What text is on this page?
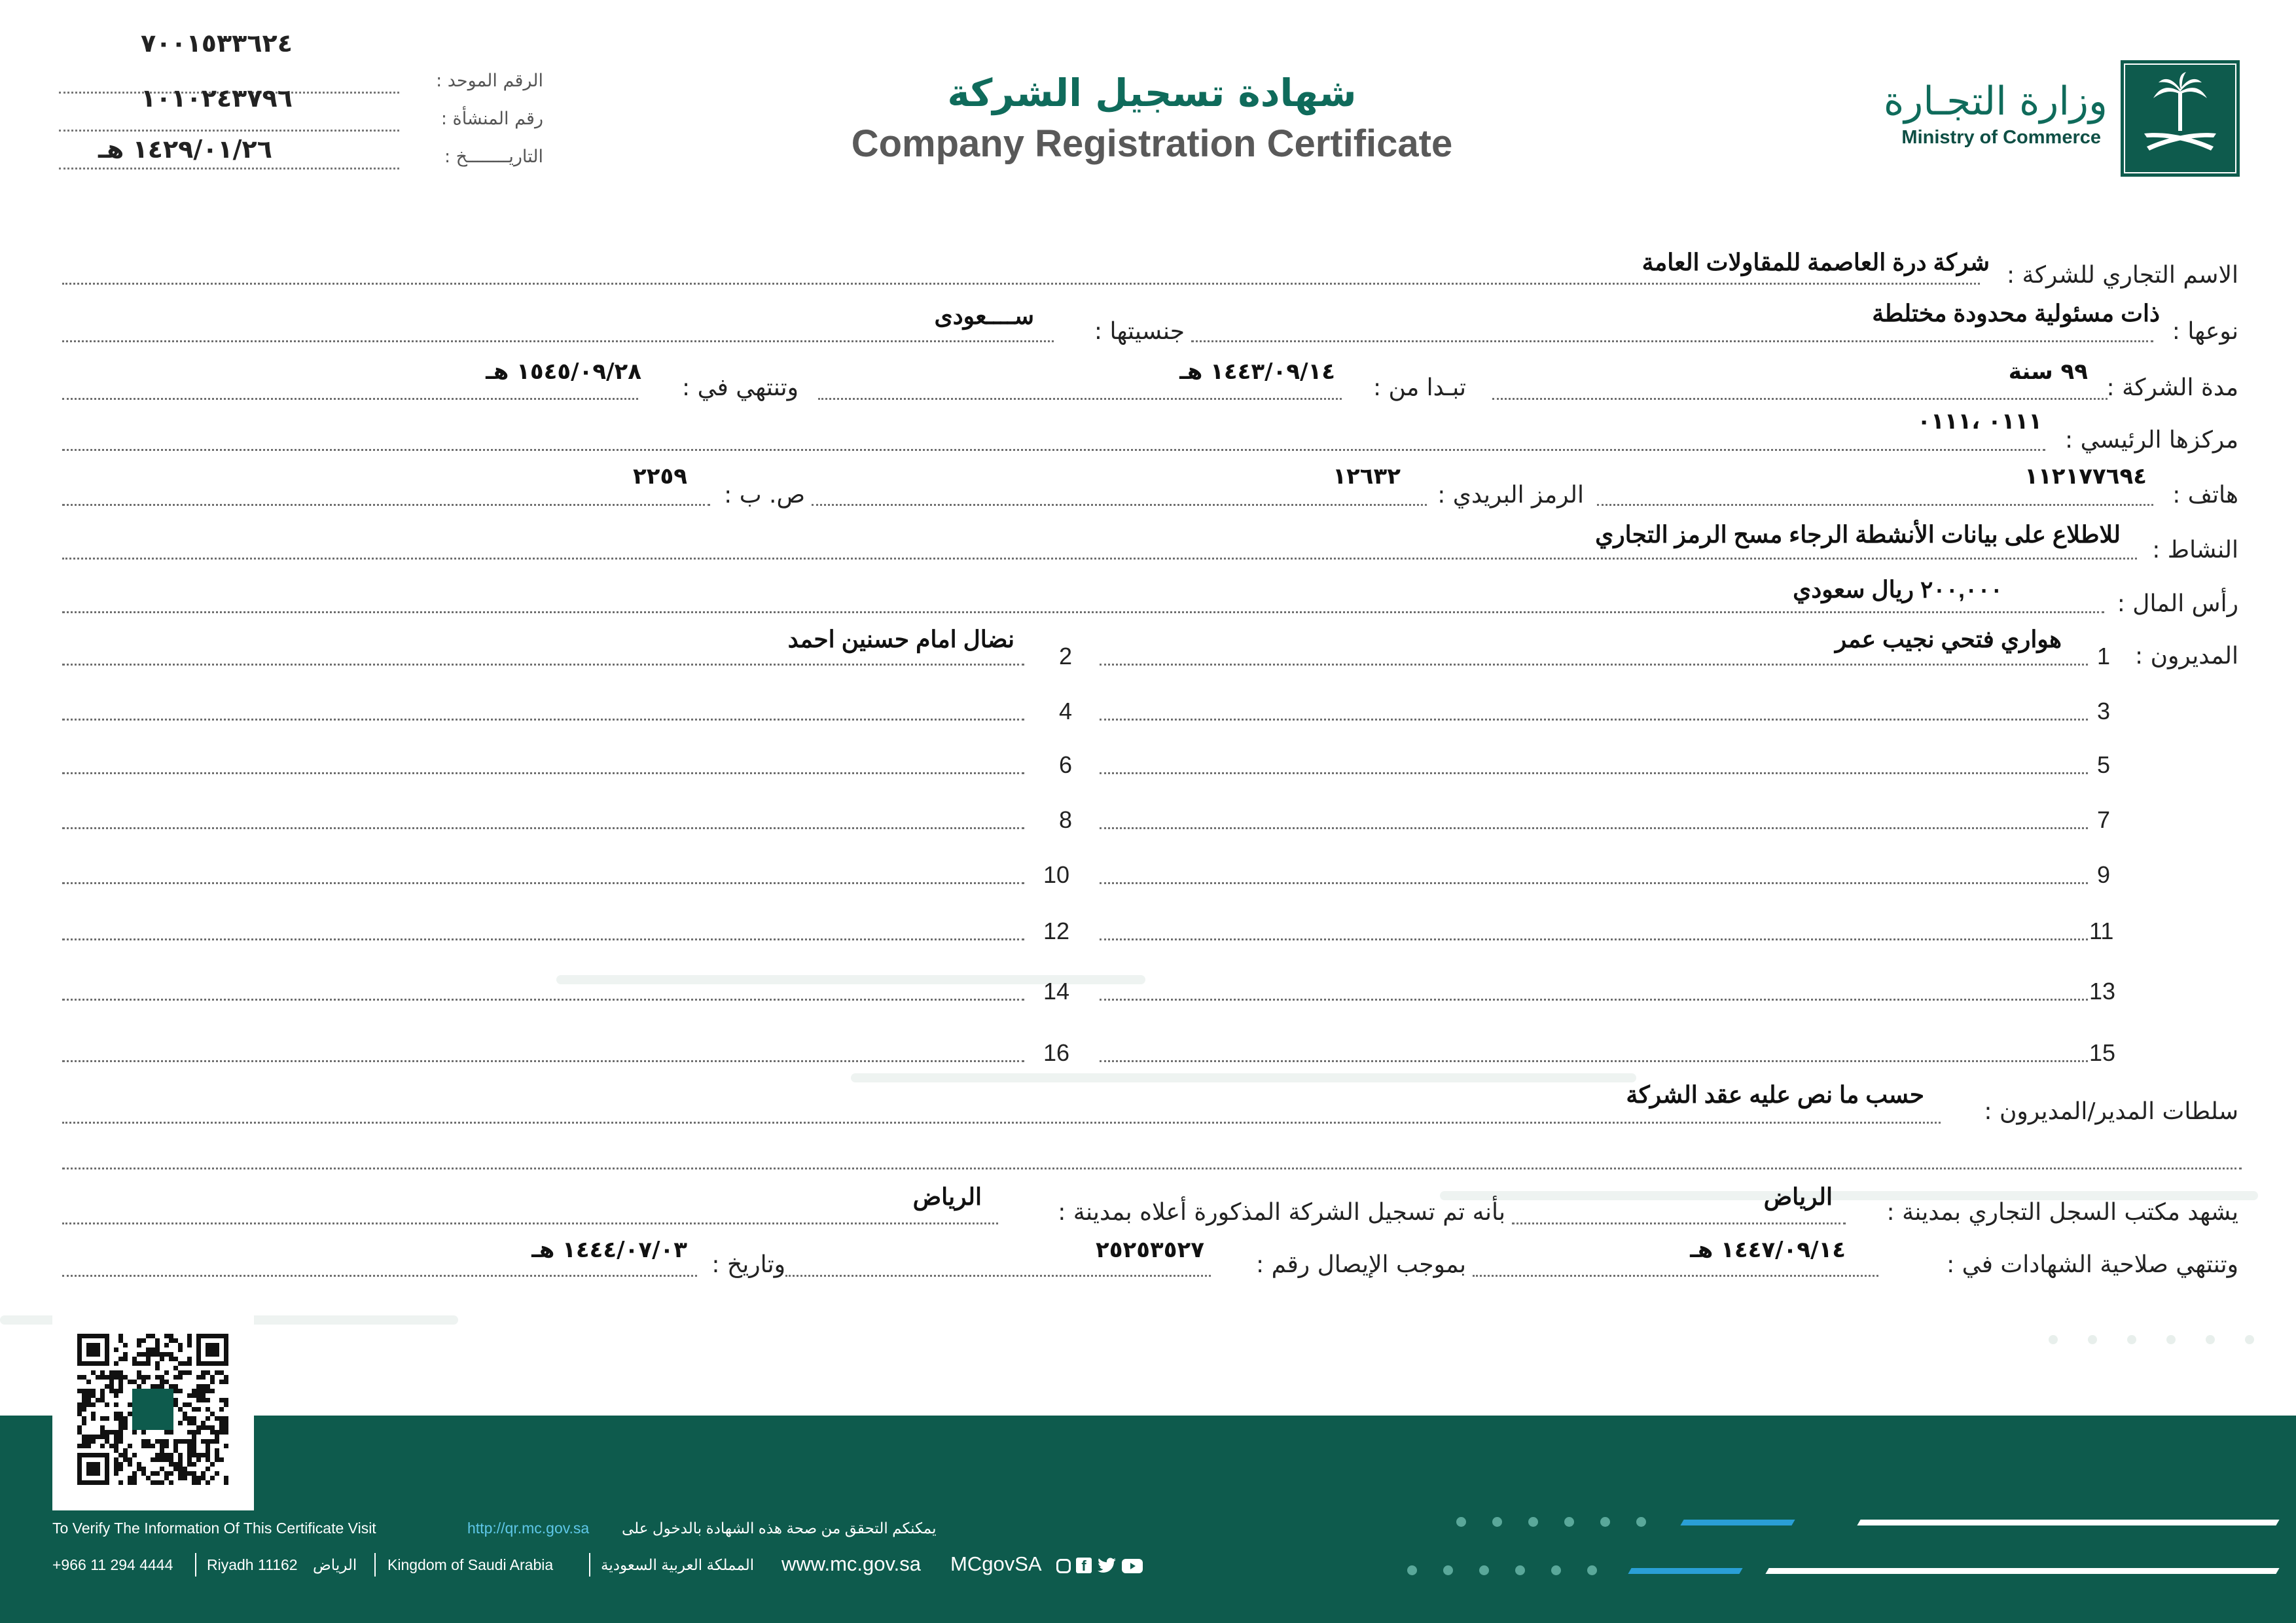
وزارة التجـارة
Ministry of Commerce
شهادة تسجيل الشركة
Company Registration Certificate
٧٠٠١٥٣٣٦٢٤
الرقم الموحد :
١٠١٠٢٤٣٧٩٦
رقم المنشأة :
١٤٢٩/٠١/٢٦ هـ	التاريــــــــخ :
الاسم التجاري للشركة :
شركة درة العاصمة للمقاولات العامة
نوعها :
ذات مسئولية محدودة مختلطة
جنسيتها :
ســــعودى
مدة الشركة :
٩٩ سنة
تبـدا من :
١٤٤٣/٠٩/١٤ هـ
وتنتهي في :
١٥٤٥/٠٩/٢٨ هـ
مركزها الرئيسي :
٠١١١ ،٠١١١
هاتف :
١١٢١٧٧٦٩٤
الرمز البريدي :
١٢٦٣٢
ص. ب :
٢٢٥٩
النشاط :
للاطلاع على بيانات الأنشطة الرجاء مسح الرمز التجاري
رأس المال :
٢٠٠,٠٠٠ ريال سعودي
المديرون :
1
هواري فتحي نجيب عمر
2
نضال امام حسنين احمد
3
4
5
6
7
8
9
10
11
12
13
14
15
16
سلطات المدير/المديرون :
حسب ما نص عليه عقد الشركة
يشهد مكتب السجل التجاري بمدينة :
الرياض
بأنه تم تسجيل الشركة المذكورة أعلاه بمدينة :
الرياض
وتنتهي صلاحية الشهادات في :
١٤٤٧/٠٩/١٤ هـ
بموجب الإيصال رقم :
٢٥٢٥٣٥٢٧
وتاريخ :
١٤٤٤/٠٧/٠٣ هـ
To Verify The Information Of This Certificate Visit	http://qr.mc.gov.sa يمكنكم التحقق من صحة هذه الشهادة بالدخول على
+966 11 294 4444 Riyadh 11162 الرياض	Kingdom of Saudi Arabia	المملكة العربية السعودية	www.mc.gov.sa MCgovSA	f
